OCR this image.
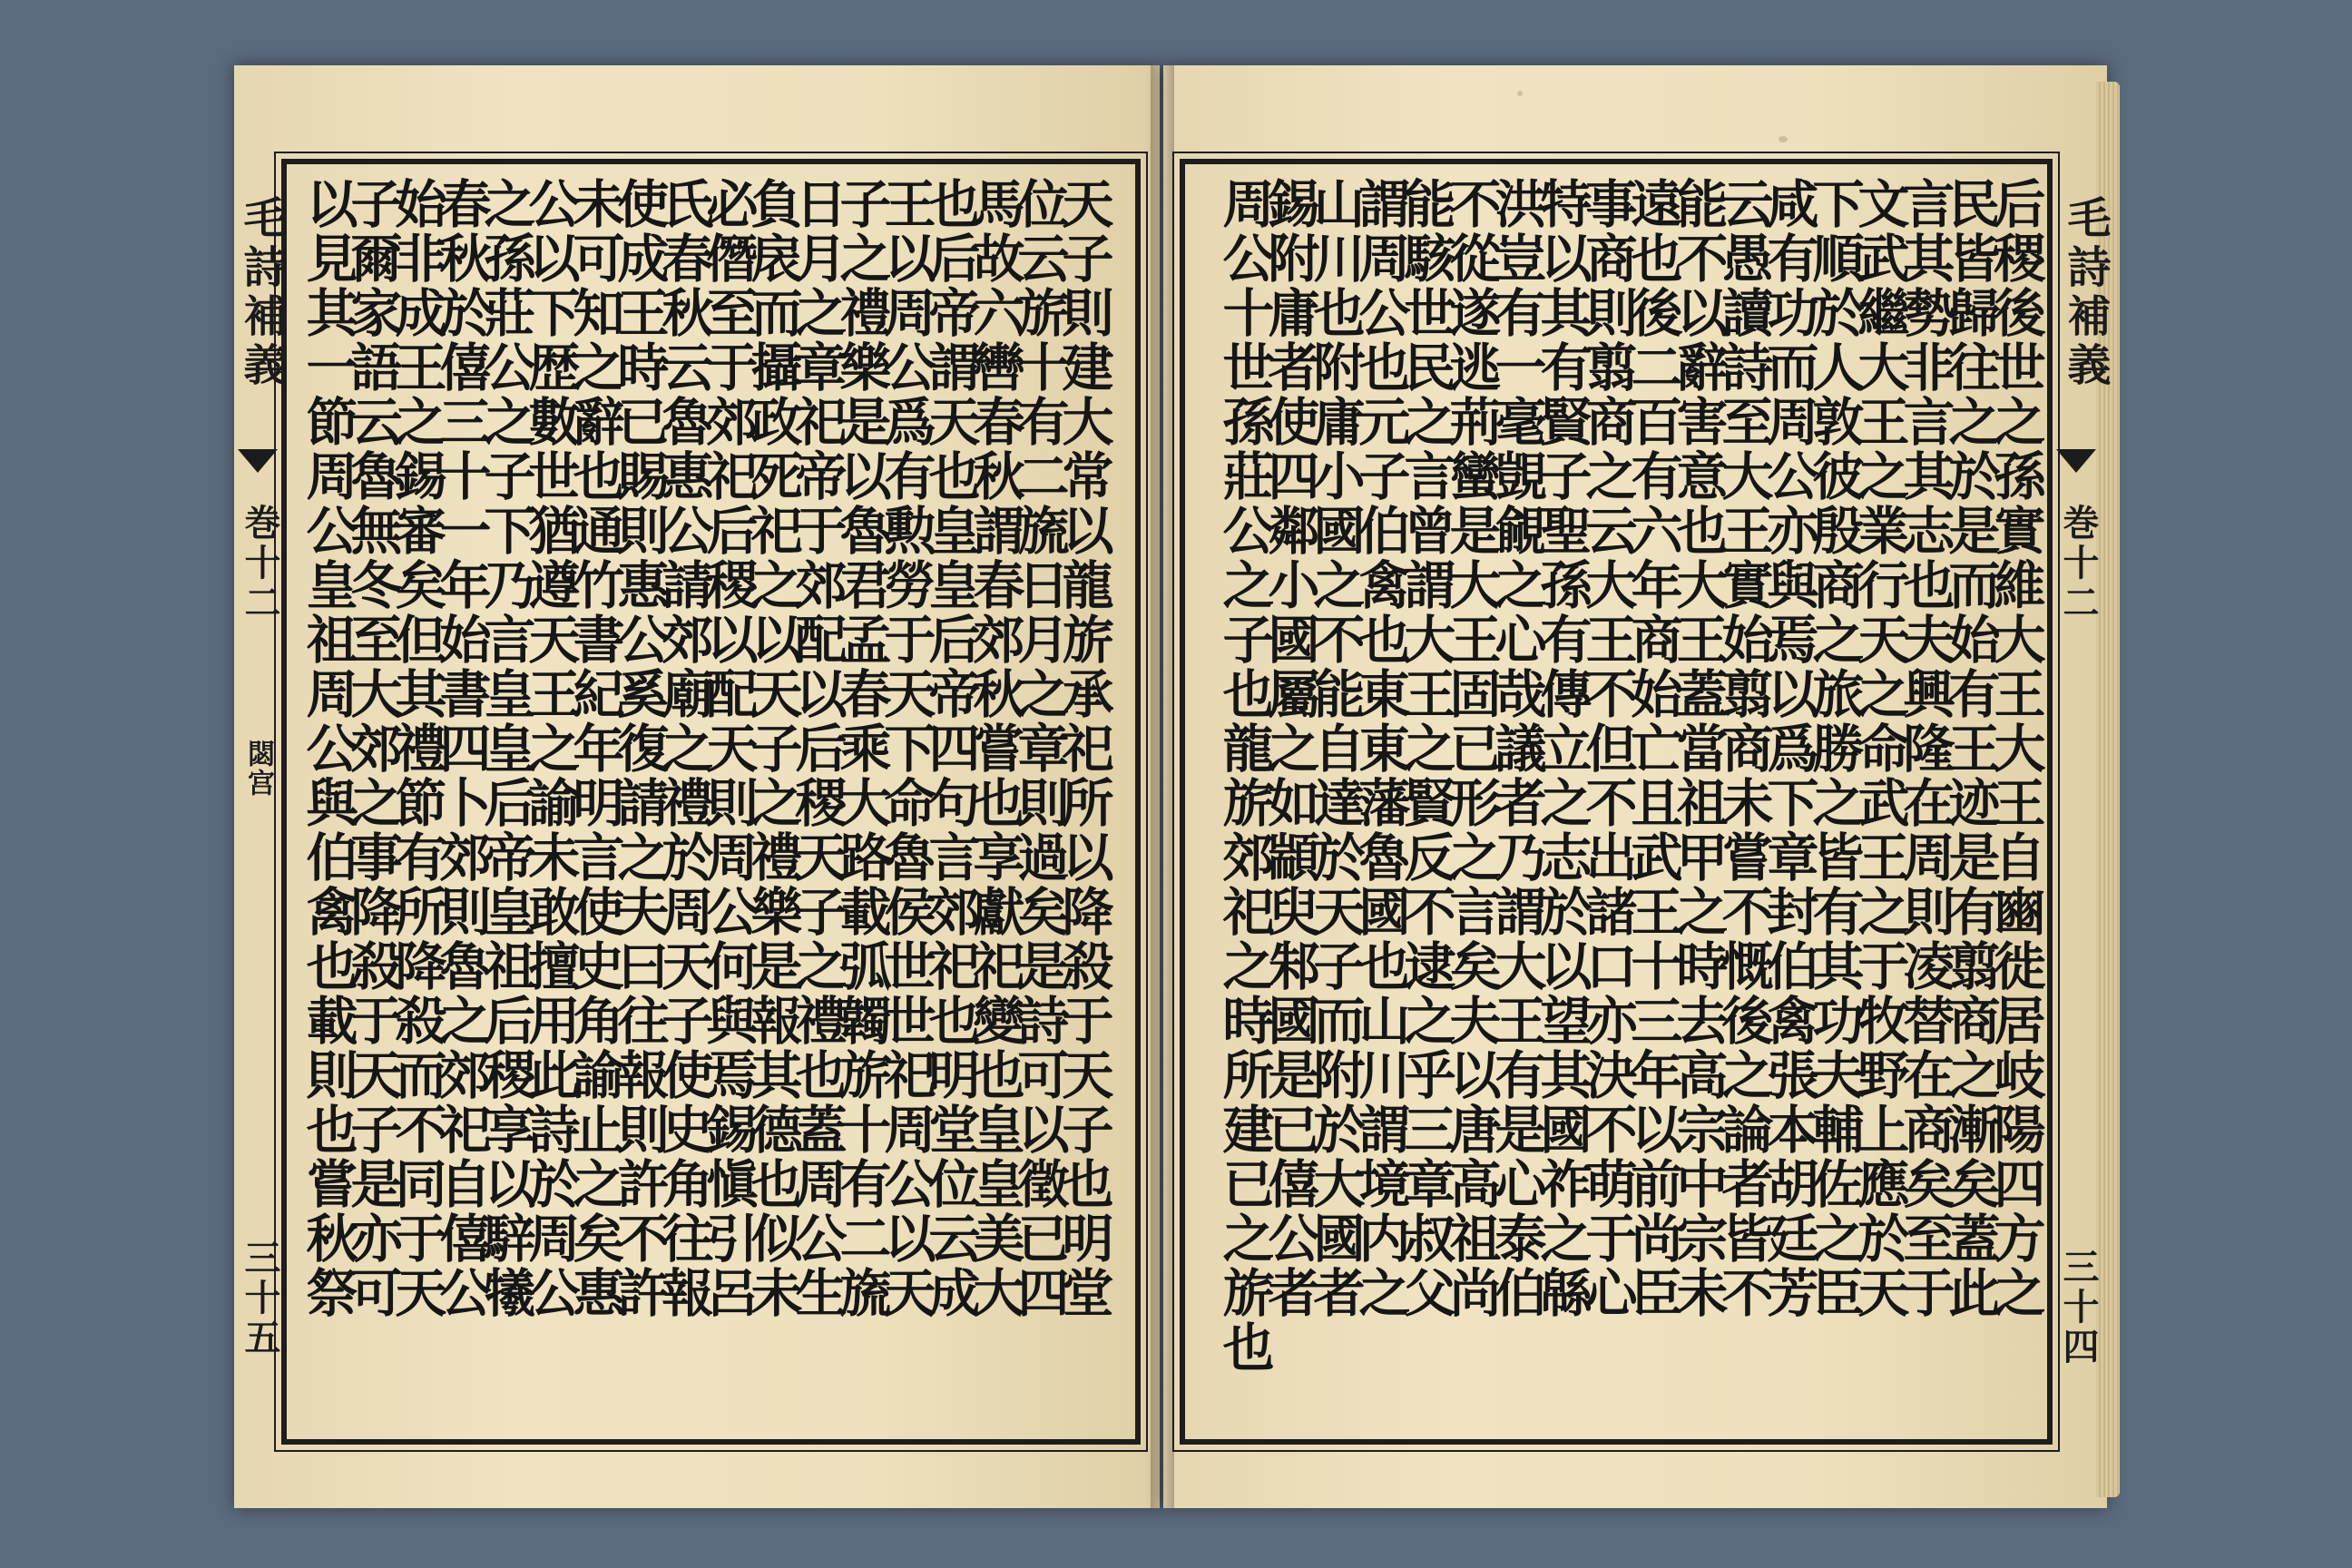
毛詩補義
巻十二
閟宫
三十五
毛詩補義
巻十二
三十四
天子則建大常以龍旂承祀所以降殺于天子也明堂
位云旂十有二旒日月之章則過矣是詩可以徵已四
馬故六轡春秋謂春郊秋嘗也享獻祀變也皇皇美大
也后帝謂天也皇皇后帝四句言郊祀也明堂位云成
王以周公爲有勲勞于天下命魯侯世世祀周公以天
子之禮樂是以魯君孟春乘大路載弧韣旂十有二旒
日月之章祀帝于郊配以后稷天子之禮也蓋周公生
負扆而攝政死祀之以天子之禮樂是報其德也似未
必僭至于郊祀后稷以配天則周公何與焉錫愼引呂
氏春秋云魯惠公請郊廟之禮於周天子使史角往報
使成王時已賜則惠公奚復請之夫曰往報則許不許
未可知之辭也通竹書紀年明言使史角諭止之矣惠
公以下歴數世猶遵天王之諭未敢擅用此詩於周公
之孫莊公之子下乃言皇皇后帝皇祖后稷享以騂犧
春秋於僖三十一年始書四卜郊則魯之郊祀自僖公
始非成王之錫審矣但其禮節有所降殺而不同于天
子爾家語云魯無冬至大郊之事降殺于天子是亦可
以見其一節周公皇祖周公與伯禽也載則也嘗秋祭	后稷後世之孫實維大王大王自豳徙居岐陽四方之
民皆歸往之於是而始有王迹是有翦商之漸矣蓋此
言其勢非言其志也夫興隆在周則凌替在商矣至于
文武繼大王之業行天之命武王之于牧野上應於天
下順於人敦彼殷商之旅勝之皆有其功夫輔佐之臣
咸有功而周公亦與焉以爲下章封伯禽張本胡廷芳
云愚讀詩至大王實始翦商未嘗不慨後之論者皆不
能不以辭害意也大王蓋當祖甲之時去高宗中宗未
遠也後二百有六年商始亡且武王十三年以前尚臣
事商則翦商之云大王不但不出諸口亦決不萌于心
特以其有賢子聖孫有傳立之志於以望其國祚之緜
洪豈有一毫覬覦之心哉議者乃謂大王有是心泰伯
不從遂逃荊蠻是大王固已形之言矣夫以唐高祖尚
能駭世民之言曾謂大王之賢反不逮之乎三章叔父
謂周公也元子伯禽也東東藩魯國也山川謂境内之
山川也附庸小國之不能自達於天子而附於大國者
錫附庸者使四鄰小國屬之如顓臾邾國是已僖公者
周公十世孫莊公之子也龍旂郊祀之時所建已之旂也
